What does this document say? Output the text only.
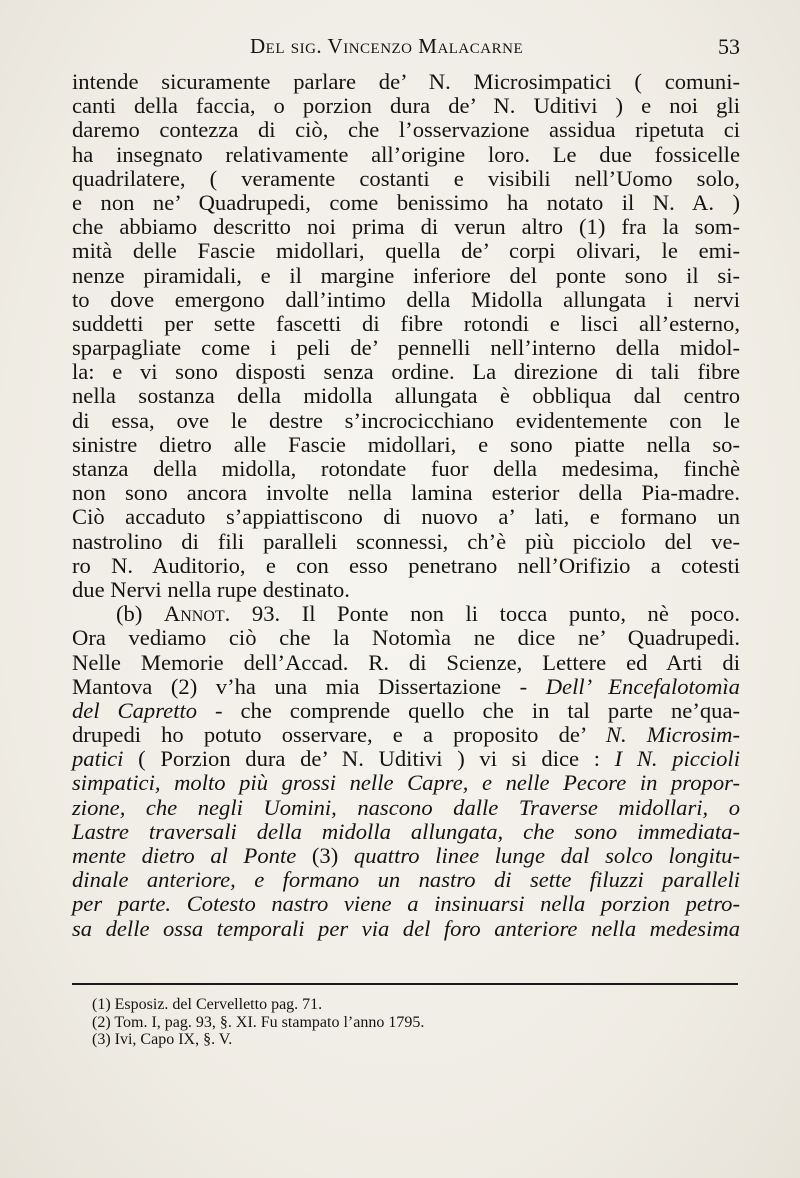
Del sig. Vincenzo Malacarne	53
intende sicuramente parlare de’ N. Microsimpatici ( comuni-
canti della faccia, o porzion dura de’ N. Uditivi ) e noi gli
daremo contezza di ciò, che l’osservazione assidua ripetuta ci
ha insegnato relativamente all’origine loro. Le due fossicelle
quadrilatere, ( veramente costanti e visibili nell’Uomo solo,
e non ne’ Quadrupedi, come benissimo ha notato il N. A. )
che abbiamo descritto noi prima di verun altro (1) fra la som-
mità delle Fascie midollari, quella de’ corpi olivari, le emi-
nenze piramidali, e il margine inferiore del ponte sono il si-
to dove emergono dall’intimo della Midolla allungata i nervi
suddetti per sette fascetti di fibre rotondi e lisci all’esterno,
sparpagliate come i peli de’ pennelli nell’interno della midol-
la: e vi sono disposti senza ordine. La direzione di tali fibre
nella sostanza della midolla allungata è obbliqua dal centro
di essa, ove le destre s’incrocicchiano evidentemente con le
sinistre dietro alle Fascie midollari, e sono piatte nella so-
stanza della midolla, rotondate fuor della medesima, finchè
non sono ancora involte nella lamina esterior della Pia-madre.
Ciò accaduto s’appiattiscono di nuovo a’ lati, e formano un
nastrolino di fili paralleli sconnessi, ch’è più picciolo del ve-
ro N. Auditorio, e con esso penetrano nell’Orifizio a cotesti
due Nervi nella rupe destinato.
(b) Annot. 93. Il Ponte non li tocca punto, nè poco.
Ora vediamo ciò che la Notomìa ne dice ne’ Quadrupedi.
Nelle Memorie dell’Accad. R. di Scienze, Lettere ed Arti di
Mantova (2) v’ha una mia Dissertazione - Dell’ Encefalotomìa
del Capretto - che comprende quello che in tal parte ne’qua-
drupedi ho potuto osservare, e a proposito de’ N. Microsim-
patici ( Porzion dura de’ N. Uditivi ) vi si dice : I N. piccioli
simpatici, molto più grossi nelle Capre, e nelle Pecore in propor-
zione, che negli Uomini, nascono dalle Traverse midollari, o
Lastre traversali della midolla allungata, che sono immediata-
mente dietro al Ponte (3) quattro linee lunge dal solco longitu-
dinale anteriore, e formano un nastro di sette filuzzi paralleli
per parte. Cotesto nastro viene a insinuarsi nella porzion petro-
sa delle ossa temporali per via del foro anteriore nella medesima
(1) Esposiz. del Cervelletto pag. 71.
(2) Tom. I, pag. 93, §. XI. Fu stampato l’anno 1795.
(3) Ivi, Capo IX, §. V.
